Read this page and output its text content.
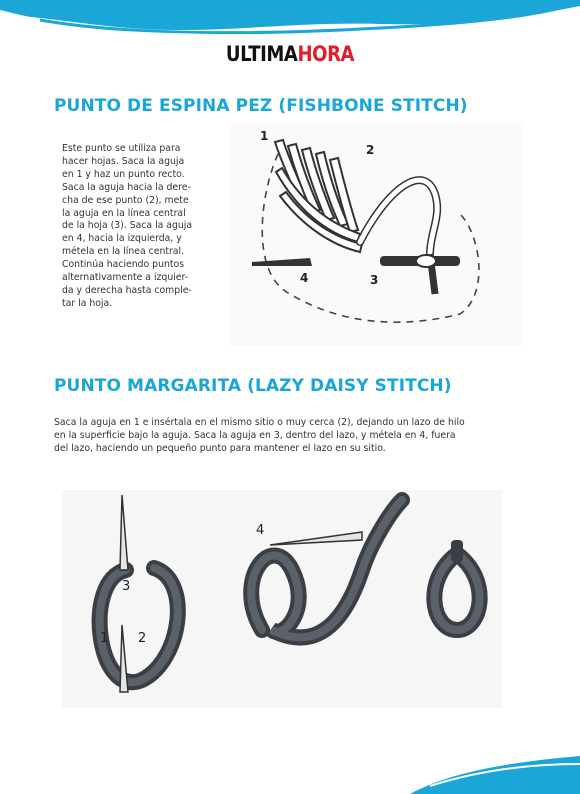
ULTIMAHORA
PUNTO DE ESPINA PEZ (FISHBONE STITCH)
Este punto se utiliza para
hacer hojas. Saca la aguja
en 1 y haz un punto recto.
Saca la aguja hacia la dere-
cha de ese punto (2), mete
la aguja en la línea central
de la hoja (3). Saca la aguja
en 4, hacia la izquierda, y
métela en la línea central.
Continúa haciendo puntos
alternativamente a izquier-
da y derecha hasta comple-
tar la hoja.
1
2
3
4
PUNTO MARGARITA (LAZY DAISY STITCH)
Saca la aguja en 1 e insértala en el mismo sitio o muy cerca (2), dejando un lazo de hilo
en la superficie bajo la aguja. Saca la aguja en 3, dentro del lazo, y métela en 4, fuera
del lazo, haciendo un pequeño punto para mantener el lazo en su sitio.
3
1 2
4
